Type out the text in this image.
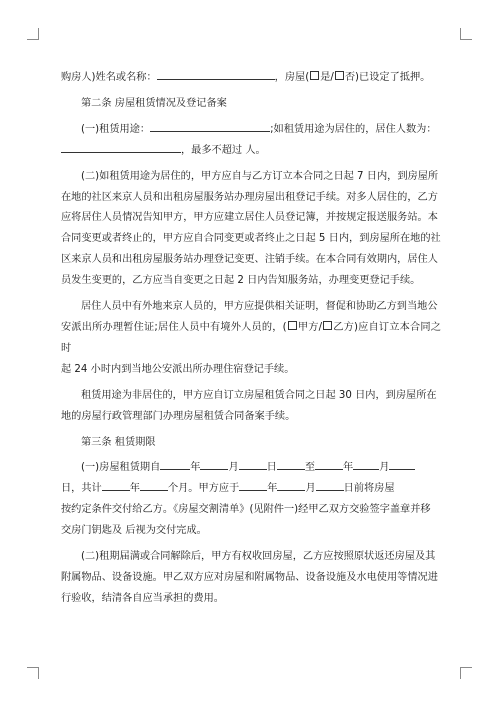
购房人)姓名或名称：	，房屋( 是/ 否)已设定了抵押。

第二条 房屋租赁情况及登记备案

(一)租赁用途：	;如租赁用途为居住的，居住人数为：

，最多不超过 人。

(二)如租赁用途为居住的，甲方应自与乙方订立本合同之日起 7 日内，到房屋所

在地的社区来京人员和出租房屋服务站办理房屋出租登记手续。对多人居住的，乙方

应将居住人员情况告知甲方，甲方应建立居住人员登记簿，并按规定报送服务站。本

合同变更或者终止的，甲方应自合同变更或者终止之日起 5 日内，到房屋所在地的社

区来京人员和出租房屋服务站办理登记变更、注销手续。在本合同有效期内，居住人

员发生变更的，乙方应当自变更之日起 2 日内告知服务站，办理变更登记手续。

居住人员中有外地来京人员的，甲方应提供相关证明，督促和协助乙方到当地公

安派出所办理暂住证;居住人员中有境外人员的，( 甲方/ 乙方)应自订立本合同之时

起 24 小时内到当地公安派出所办理住宿登记手续。

租赁用途为非居住的，甲方应自订立房屋租赁合同之日起 30 日内，到房屋所在

地的房屋行政管理部门办理房屋租赁合同备案手续。

第三条 租赁期限

(一)房屋租赁期自	年	月	日	至	年	月

日，共计	年	个月。甲方应于	年	月	日前将房屋

按约定条件交付给乙方。《房屋交割清单》(见附件一)经甲乙双方交验签字盖章并移

交房门钥匙及 后视为交付完成。

(二)租期届满或合同解除后，甲方有权收回房屋，乙方应按照原状返还房屋及其

附属物品、设备设施。甲乙双方应对房屋和附属物品、设备设施及水电使用等情况进

行验收，结清各自应当承担的费用。
